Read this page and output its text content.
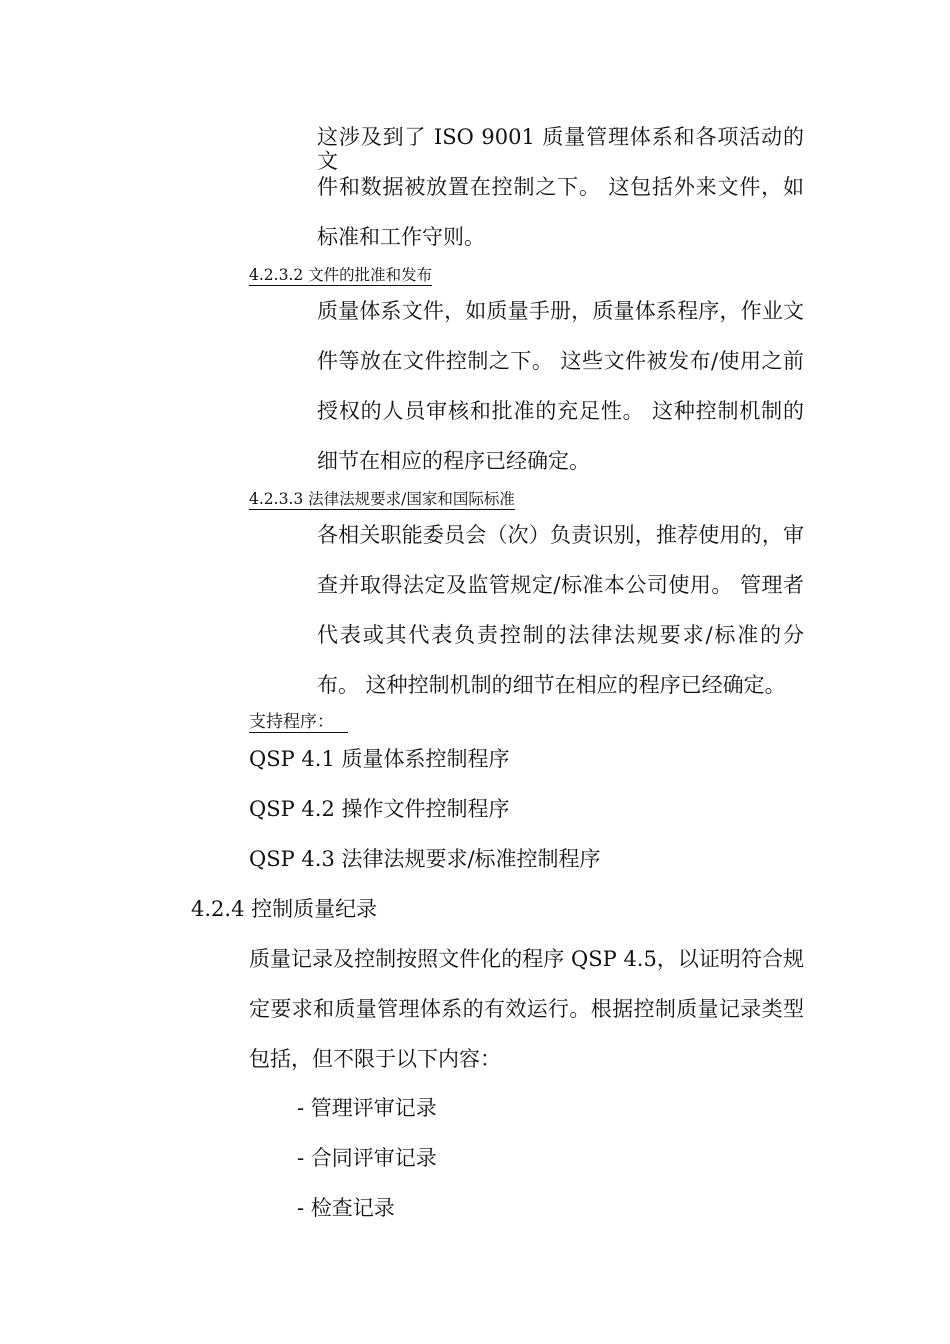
这涉及到了 ISO 9001 质量管理体系和各项活动的文
件和数据被放置在控制之下。 这包括外来文件，如
标准和工作守则。
4.2.3.2 文件的批准和发布
质量体系文件，如质量手册，质量体系程序，作业文
件等放在文件控制之下。 这些文件被发布/使用之前
授权的人员审核和批准的充足性。 这种控制机制的
细节在相应的程序已经确定。
4.2.3.3 法律法规要求/国家和国际标准
各相关职能委员会（次）负责识别，推荐使用的，审
查并取得法定及监管规定/标准本公司使用。 管理者
代表或其代表负责控制的法律法规要求/标准的分
布。 这种控制机制的细节在相应的程序已经确定。
支持程序：
QSP 4.1 质量体系控制程序
QSP 4.2 操作文件控制程序
QSP 4.3 法律法规要求/标准控制程序
4.2.4 控制质量纪录
质量记录及控制按照文件化的程序 QSP 4.5，以证明符合规
定要求和质量管理体系的有效运行。根据控制质量记录类型
包括，但不限于以下内容：
- 管理评审记录
- 合同评审记录
- 检查记录
